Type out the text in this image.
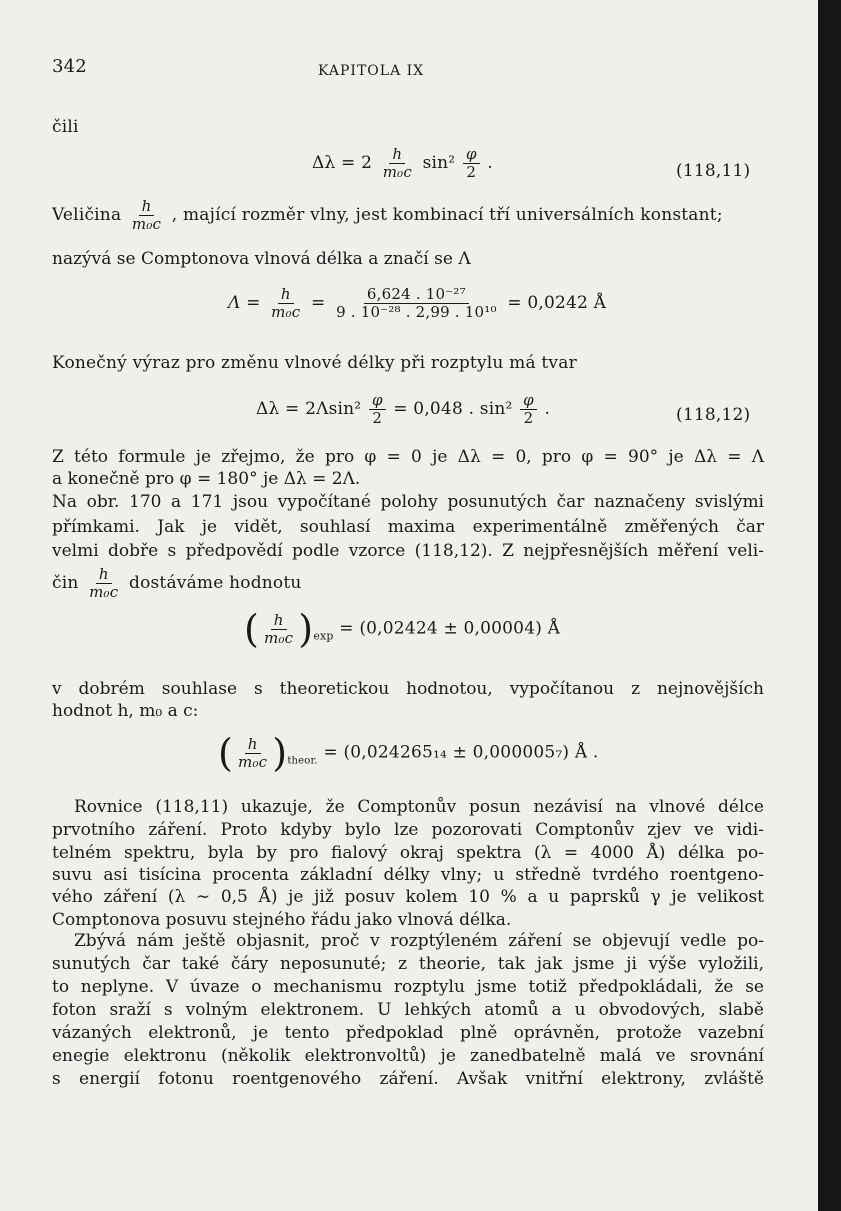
342	KAPITOLA IX
čili
$\Delta\lambda = 2 \frac{h}{\text{m₀c}} \sin^2 \frac{\varphi}{2}$ .	(118,11)
Veličina $\frac{h}{\text{m₀c}}$ , mající rozměr vlny, jest kombinací tří universálních konstant;
nazývá se Comptonova vlnová délka a značí se Λ
$\Lambda = \frac{h}{\text{m₀c}} = \frac{\text{6,624 . 10⁻²⁷}}{\text{9 . 10⁻²⁸ . 2,99 . 10¹⁰}} = 0,0242$ Å
Konečný výraz pro změnu vlnové délky při rozptylu má tvar
$\Delta\lambda = 2\Lambda\sin^2 \frac{\varphi}{2} = 0,048$ . $\sin^2 \frac{\varphi}{2}$ .	(118,12)
Z této formule je zřejmo, že pro φ = 0 je Δλ = 0, pro φ = 90° je Δλ = Λ
a konečně pro φ = 180° je Δλ = 2Λ.
Na obr. 170 a 171 jsou vypočítané polohy posunutých čar naznačeny svislými
přímkami. Jak je vidět, souhlasí maxima experimentálně změřených čar
velmi dobře s předpovědí podle vzorce (118,12). Z nejpřesnějších měření veli-
čin $\frac{h}{\text{m₀c}}$ dostáváme hodnotu
( $\frac{h}{\text{m₀c}} )_{exp} = (0,02424 \pm 0,00004)$ Å
v dobrém souhlase s theoretickou hodnotou, vypočítanou z nejnovějších
hodnot h, m₀ a c:
( $\frac{h}{\text{m₀c}} )_{theor.} = (0,024265_{14} \pm 0,000005_7)$ Å .
Rovnice (118,11) ukazuje, že Comptonův posun nezávisí na vlnové délce
prvotního záření. Proto kdyby bylo lze pozorovati Comptonův zjev ve vidi-
telném spektru, byla by pro fialový okraj spektra (λ = 4000 Å) délka po-
suvu asi tisícina procenta základní délky vlny; u středně tvrdého roentgeno-
vého záření (λ ∼ 0,5 Å) je již posuv kolem 10 % a u paprsků γ je velikost
Comptonova posuvu stejného řádu jako vlnová délka.
Zbývá nám ještě objasnit, proč v rozptýleném záření se objevují vedle po-
sunutých čar také čáry neposunuté; z theorie, tak jak jsme ji výše vyložili,
to neplyne. V úvaze o mechanismu rozptylu jsme totiž předpokládali, že se
foton sraží s volným elektronem. U lehkých atomů a u obvodových, slabě
vázaných elektronů, je tento předpoklad plně oprávněn, protože vazební
enegie elektronu (několik elektronvoltů) je zanedbatelně malá ve srovnání
s energií fotonu roentgenového záření. Avšak vnitřní elektrony, zvláště
